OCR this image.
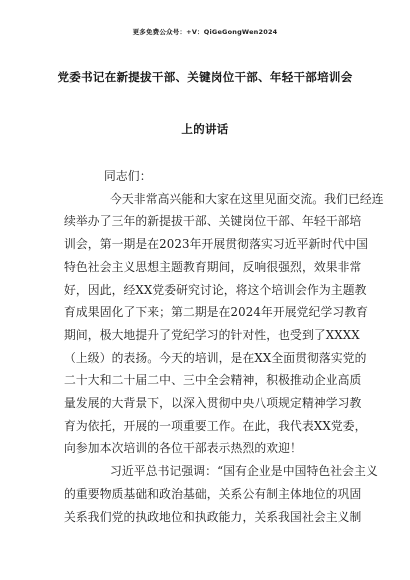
更多免费公众号：+V：QiGeGongWen2024
党委书记在新提拔干部、关键岗位干部、年轻干部培训会
上的讲话

同志们：

今天非常高兴能和大家在这里见面交流。我们已经连
续举办了三年的新提拔干部、关键岗位干部、年轻干部培
训会，第一期是在2023年开展贯彻落实习近平新时代中国
特色社会主义思想主题教育期间，反响很强烈，效果非常
好，因此，经XX党委研究讨论，将这个培训会作为主题教
育成果固化了下来；第二期是在2024年开展党纪学习教育
期间，极大地提升了党纪学习的针对性，也受到了XXXX
（上级）的表扬。今天的培训，是在XX全面贯彻落实党的
二十大和二十届二中、三中全会精神，积极推动企业高质
量发展的大背景下，以深入贯彻中央八项规定精神学习教
育为依托，开展的一项重要工作。在此，我代表XX党委，
向参加本次培训的各位干部表示热烈的欢迎！

习近平总书记强调：“国有企业是中国特色社会主义
的重要物质基础和政治基础，关系公有制主体地位的巩固
关系我们党的执政地位和执政能力，关系我国社会主义制
